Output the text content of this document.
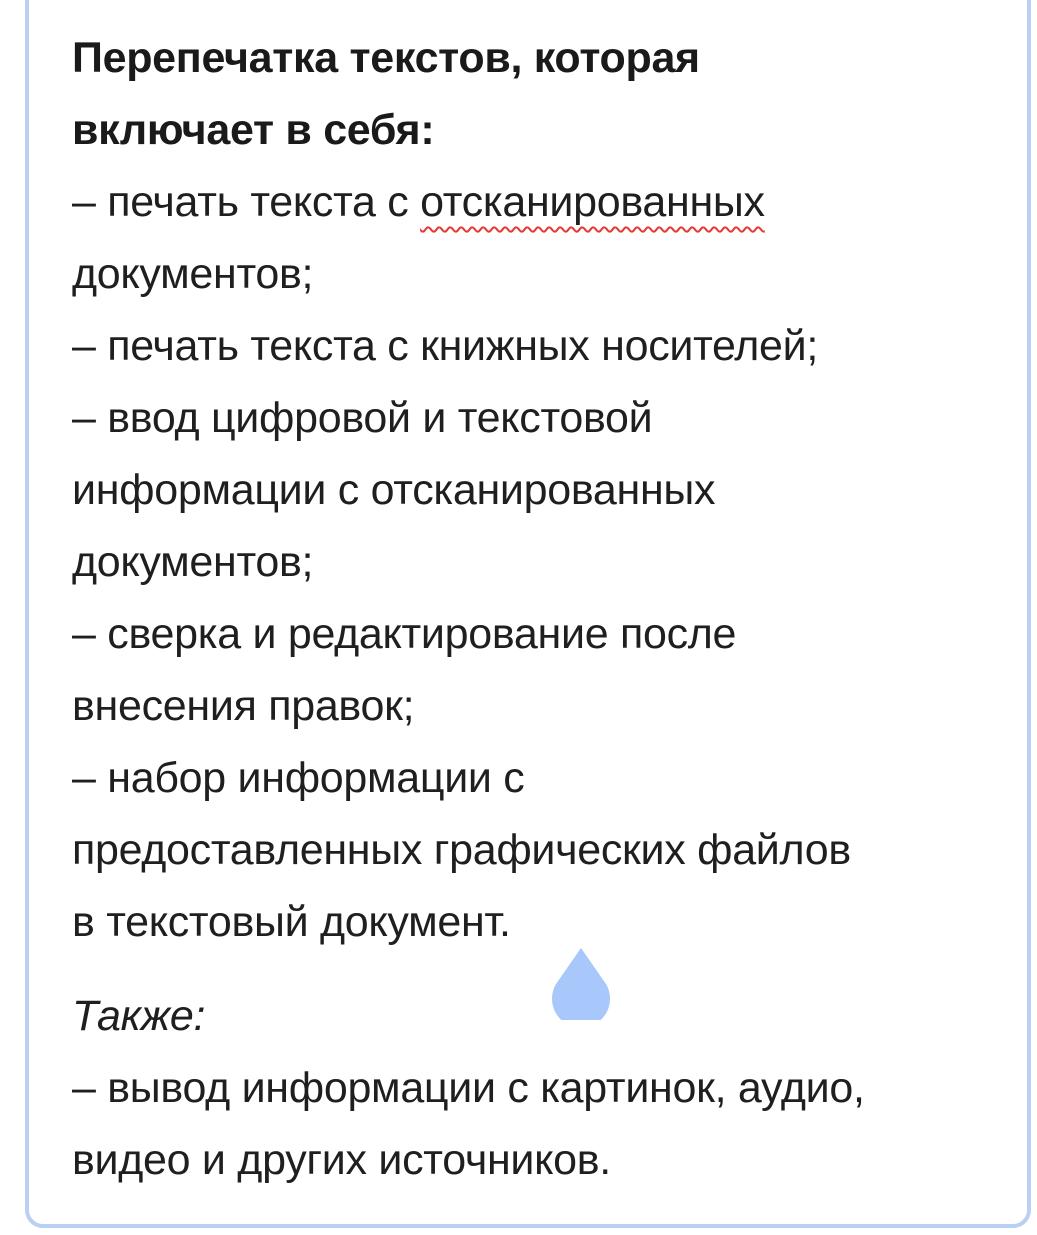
Перепечатка текстов, которая
включает в себя:
– печать текста с отсканированных
документов;
– печать текста с книжных носителей;
– ввод цифровой и текстовой
информации с отсканированных
документов;
– сверка и редактирование после
внесения правок;
– набор информации с
предоставленных графических файлов
в текстовый документ.
Также:
– вывод информации с картинок, аудио,
видео и других источников.
